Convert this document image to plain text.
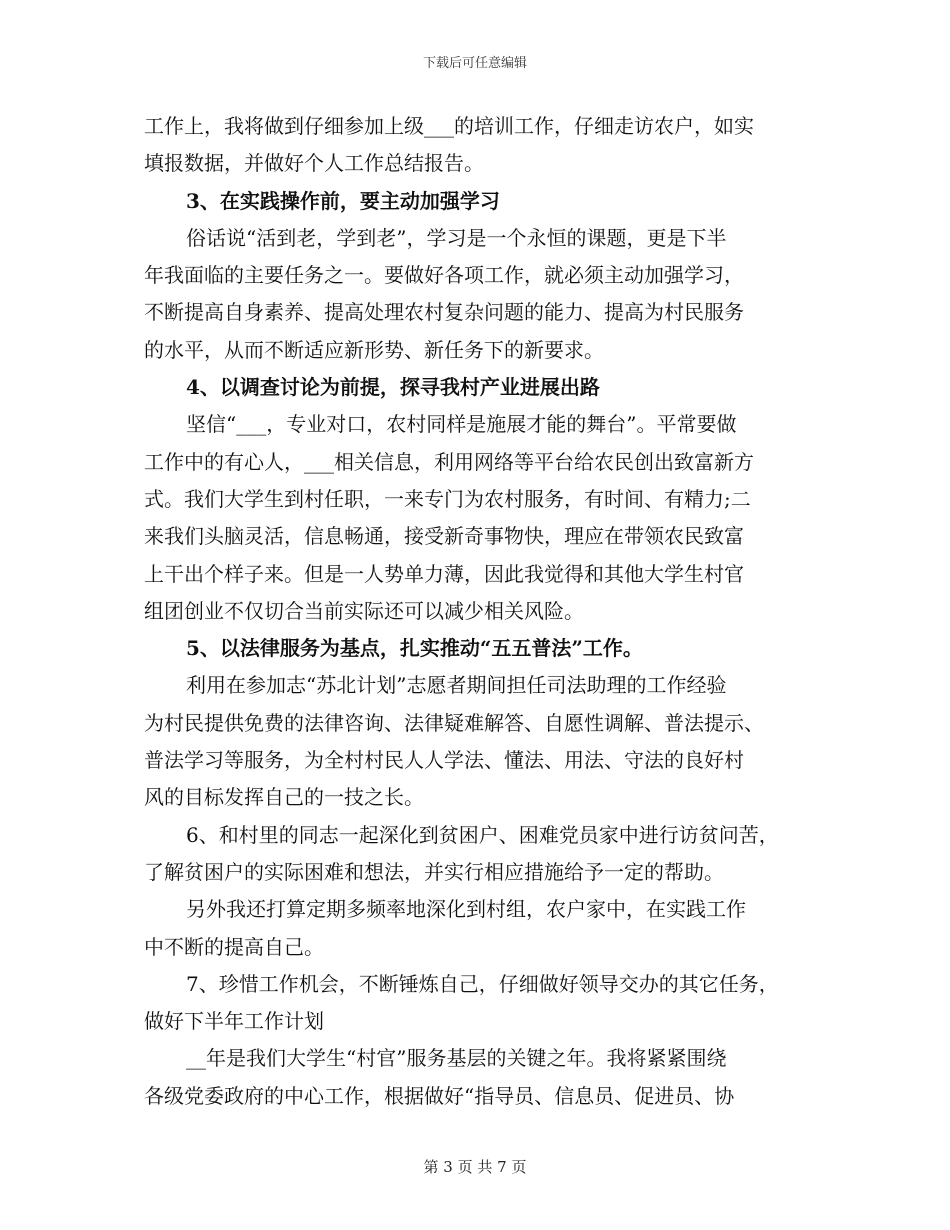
下载后可任意编辑
工作上，我将做到仔细参加上级___的培训工作，仔细走访农户，如实
填报数据，并做好个人工作总结报告。
3、在实践操作前，要主动加强学习
俗话说“活到老，学到老”，学习是一个永恒的课题，更是下半
年我面临的主要任务之一。要做好各项工作，就必须主动加强学习，
不断提高自身素养、提高处理农村复杂问题的能力、提高为村民服务
的水平，从而不断适应新形势、新任务下的新要求。
4、以调查讨论为前提，探寻我村产业进展出路
坚信“___，专业对口，农村同样是施展才能的舞台”。平常要做
工作中的有心人，___相关信息，利用网络等平台给农民创出致富新方
式。我们大学生到村任职，一来专门为农村服务，有时间、有精力;二
来我们头脑灵活，信息畅通，接受新奇事物快，理应在带领农民致富
上干出个样子来。但是一人势单力薄，因此我觉得和其他大学生村官
组团创业不仅切合当前实际还可以减少相关风险。
5、以法律服务为基点，扎实推动“五五普法”工作。
利用在参加志“苏北计划”志愿者期间担任司法助理的工作经验
为村民提供免费的法律咨询、法律疑难解答、自愿性调解、普法提示、
普法学习等服务，为全村村民人人学法、懂法、用法、守法的良好村
风的目标发挥自己的一技之长。
6、和村里的同志一起深化到贫困户、困难党员家中进行访贫问苦，
了解贫困户的实际困难和想法，并实行相应措施给予一定的帮助。
另外我还打算定期多频率地深化到村组，农户家中，在实践工作
中不断的提高自己。
7、珍惜工作机会，不断锤炼自己，仔细做好领导交办的其它任务，
做好下半年工作计划
__年是我们大学生“村官”服务基层的关键之年。我将紧紧围绕
各级党委政府的中心工作，根据做好“指导员、信息员、促进员、协
第 3 页 共 7 页
